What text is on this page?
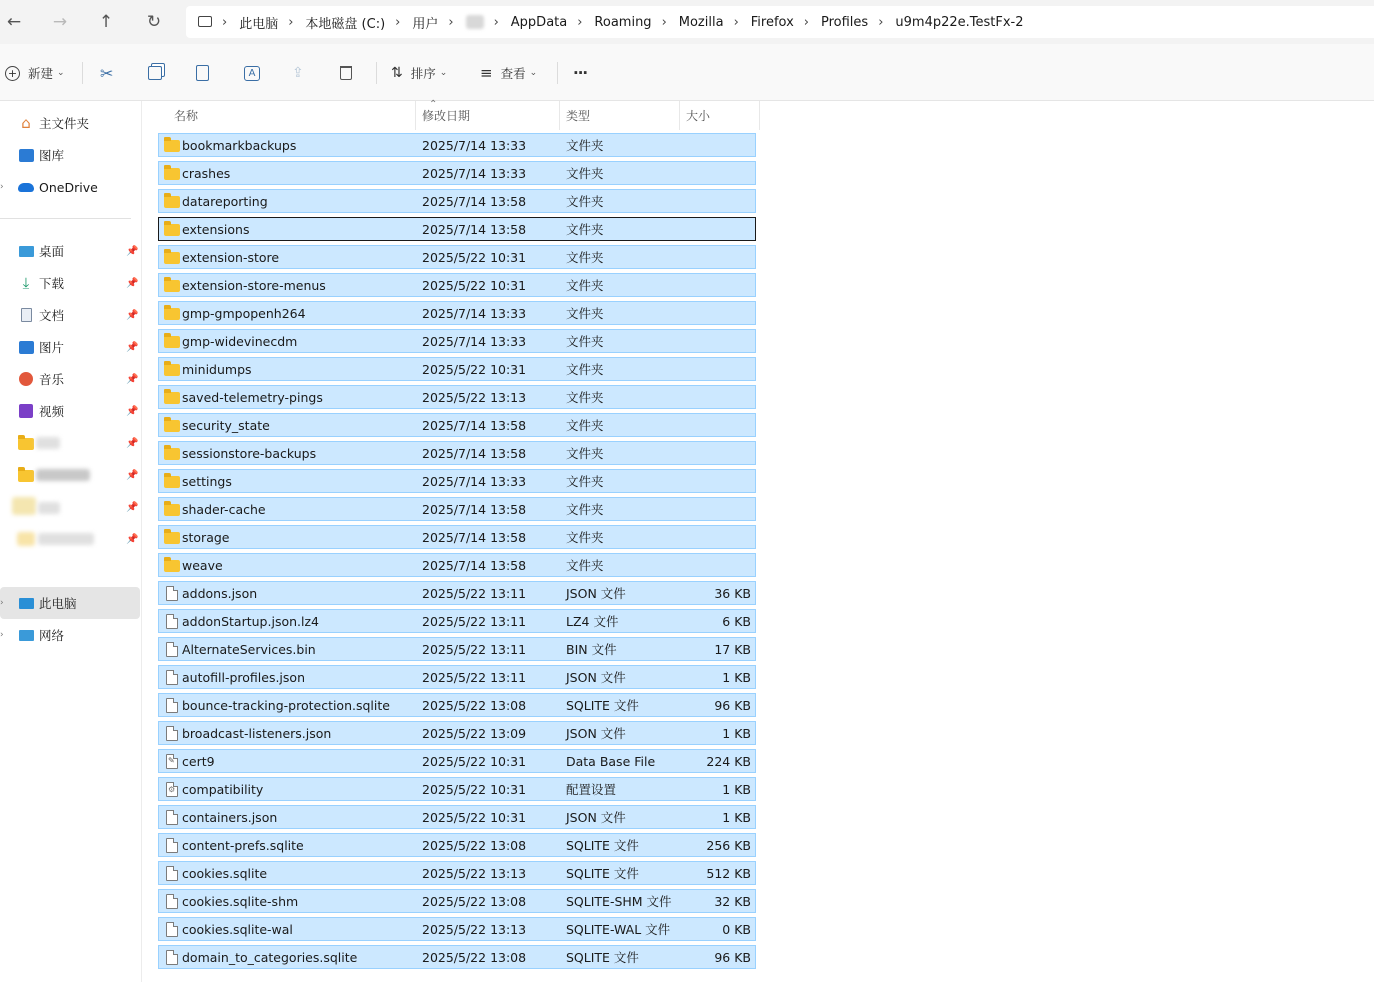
← → ↑ ↻	› 此电脑 › 本地磁盘 (C:) › 用户 ›	› AppData › Roaming › Mozilla › Firefox › Profiles › u9m4p22e.TestFx-2
+ 新建 ⌄ ✂	A	⇪	⇅ 排序 ⌄ ≡ 查看 ⌄ ···
⌂ 主文件夹
图库
›	OneDrive
桌面	📌
⤓ 下载	📌
文档	📌
图片	📌
音乐	📌
视频	📌
📌
📌
📌
📌
›	此电脑
›	网络
⌃
名称	修改日期	类型	大小
bookmarkbackups	2025/7/14 13:33	文件夹
crashes	2025/7/14 13:33	文件夹
datareporting	2025/7/14 13:58	文件夹
extensions	2025/7/14 13:58	文件夹
extension-store	2025/5/22 10:31	文件夹
extension-store-menus	2025/5/22 10:31	文件夹
gmp-gmpopenh264	2025/7/14 13:33	文件夹
gmp-widevinecdm	2025/7/14 13:33	文件夹
minidumps	2025/5/22 10:31	文件夹
saved-telemetry-pings	2025/5/22 13:13	文件夹
security_state	2025/7/14 13:58	文件夹
sessionstore-backups	2025/7/14 13:58	文件夹
settings	2025/7/14 13:33	文件夹
shader-cache	2025/7/14 13:58	文件夹
storage	2025/7/14 13:58	文件夹
weave	2025/7/14 13:58	文件夹
addons.json	2025/5/22 13:11	JSON 文件	36 KB
addonStartup.json.lz4	2025/5/22 13:11	LZ4 文件	6 KB
AlternateServices.bin	2025/5/22 13:11	BIN 文件	17 KB
autofill-profiles.json	2025/5/22 13:11	JSON 文件	1 KB
bounce-tracking-protection.sqlite	2025/5/22 13:08	SQLITE 文件	96 KB
broadcast-listeners.json	2025/5/22 13:09	JSON 文件	1 KB
✎
cert9	2025/5/22 10:31	Data Base File	224 KB
⚙
compatibility	2025/5/22 10:31	配置设置	1 KB
containers.json	2025/5/22 10:31	JSON 文件	1 KB
content-prefs.sqlite	2025/5/22 13:08	SQLITE 文件	256 KB
cookies.sqlite	2025/5/22 13:13	SQLITE 文件	512 KB
cookies.sqlite-shm	2025/5/22 13:08	SQLITE-SHM 文件	32 KB
cookies.sqlite-wal	2025/5/22 13:13	SQLITE-WAL 文件	0 KB
domain_to_categories.sqlite	2025/5/22 13:08	SQLITE 文件	96 KB
